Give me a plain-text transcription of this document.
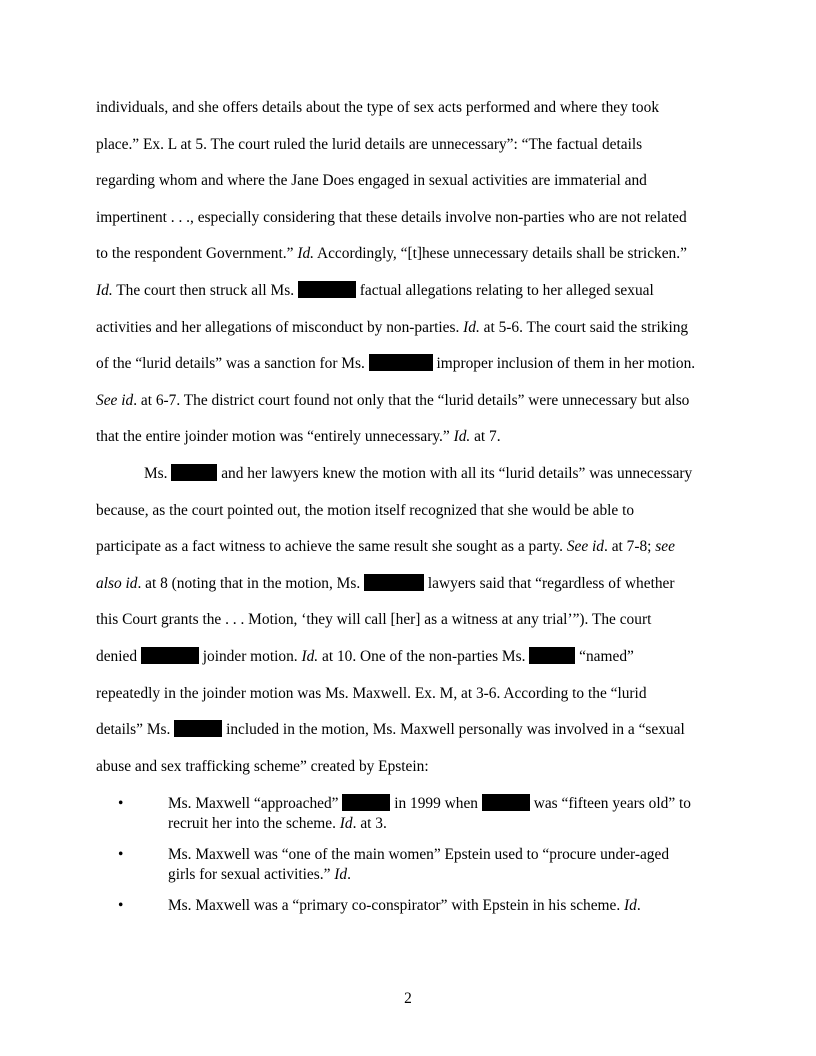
individuals, and she offers details about the type of sex acts performed and where they took
place.” Ex. L at 5. The court ruled the lurid details are unnecessary”: “The factual details
regarding whom and where the Jane Does engaged in sexual activities are immaterial and
impertinent . . ., especially considering that these details involve non-parties who are not related
to the respondent Government.” Id. Accordingly, “[t]hese unnecessary details shall be stricken.”
Id. The court then struck all Ms.	factual allegations relating to her alleged sexual
activities and her allegations of misconduct by non-parties. Id. at 5-6. The court said the striking
of the “lurid details” was a sanction for Ms.	improper inclusion of them in her motion.
See id. at 6-7. The district court found not only that the “lurid details” were unnecessary but also
that the entire joinder motion was “entirely unnecessary.” Id. at 7.
Ms.	and her lawyers knew the motion with all its “lurid details” was unnecessary
because, as the court pointed out, the motion itself recognized that she would be able to
participate as a fact witness to achieve the same result she sought as a party. See id. at 7-8; see
also id. at 8 (noting that in the motion, Ms.	lawyers said that “regardless of whether
this Court grants the . . . Motion, ‘they will call [her] as a witness at any trial’”). The court
denied	joinder motion. Id. at 10. One of the non-parties Ms.	“named”
repeatedly in the joinder motion was Ms. Maxwell. Ex. M, at 3-6. According to the “lurid
details” Ms.	included in the motion, Ms. Maxwell personally was involved in a “sexual
abuse and sex trafficking scheme” created by Epstein:
•	Ms. Maxwell “approached”	in 1999 when	was “fifteen years old” to
recruit her into the scheme. Id. at 3.
•	Ms. Maxwell was “one of the main women” Epstein used to “procure under-aged
girls for sexual activities.” Id.
•	Ms. Maxwell was a “primary co-conspirator” with Epstein in his scheme. Id.
2
